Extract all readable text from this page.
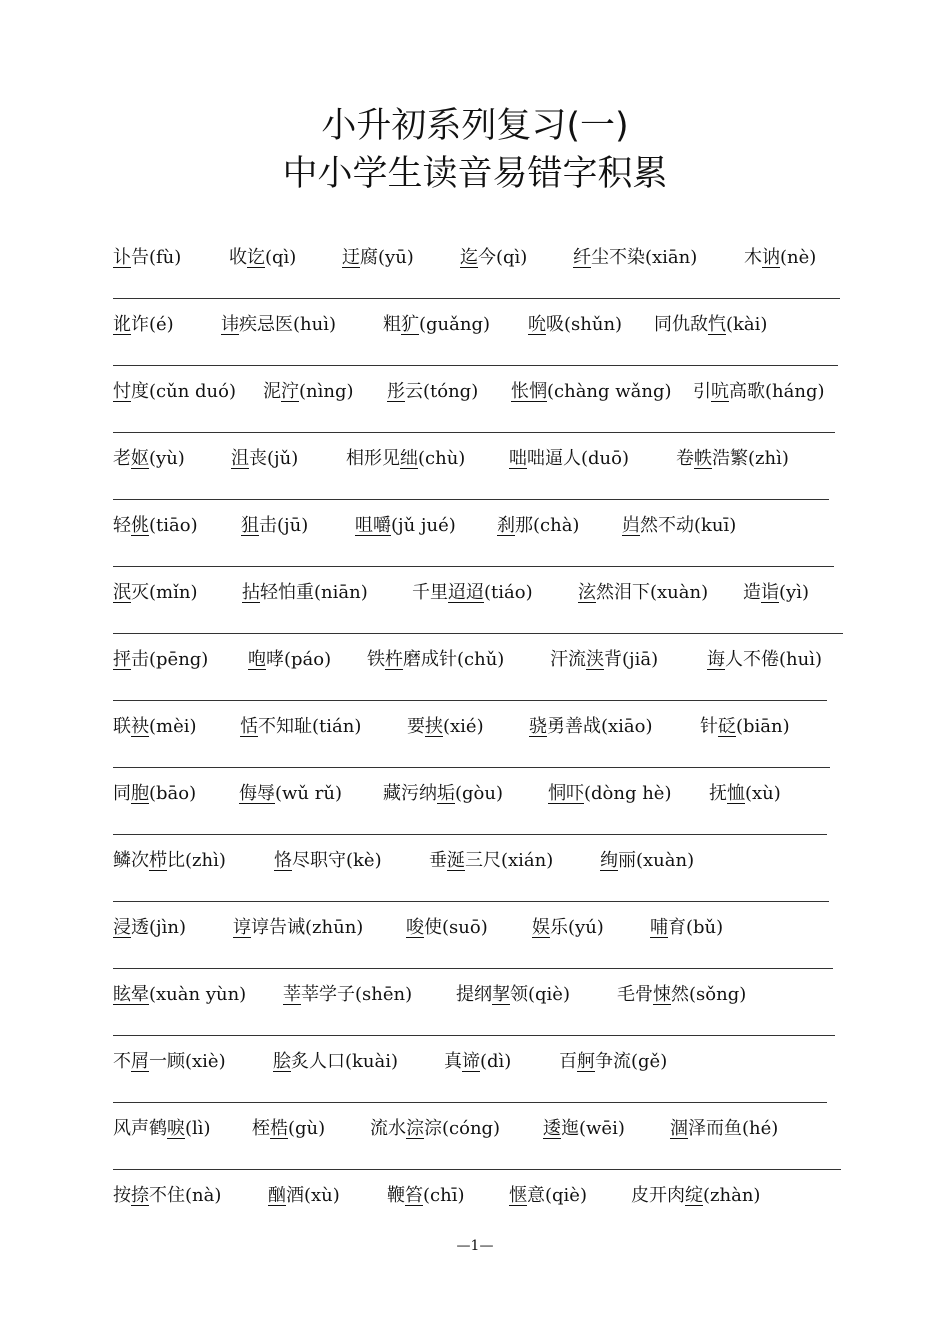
小升初系列复习(一)
中小学生读音易错字积累
讣告(fù)	收讫(qì)	迂腐(yū)	迄今(qì)	纤尘不染(xiān)	木讷(nè)
讹诈(é)	讳疾忌医(huì)	粗犷(guǎng) 吮吸(shǔn) 同仇敌忾(kài)
忖度(cǔn duó) 泥泞(nìng) 彤云(tóng) 怅惘(chàng wǎng) 引吭高歌(háng)
老妪(yù)	沮丧(jǔ)	相形见绌(chù) 咄咄逼人(duō)	卷帙浩繁(zhì)
轻佻(tiāo) 狙击(jū)	咀嚼(jǔ jué) 刹那(chà) 岿然不动(kuī)
泯灭(mǐn) 拈轻怕重(niān) 千里迢迢(tiáo)	泫然泪下(xuàn) 造诣(yì)
抨击(pēng) 咆哮(páo) 铁杵磨成针(chǔ)	汗流浃背(jiā)	诲人不倦(huì)
联袂(mèi) 恬不知耻(tián)	要挟(xié)	骁勇善战(xiāo)	针砭(biān)
同胞(bāo) 侮辱(wǔ rǔ) 藏污纳垢(gòu)	恫吓(dòng hè) 抚恤(xù)
鳞次栉比(zhì)	恪尽职守(kè)	垂涎三尺(xián)	绚丽(xuàn)
浸透(jìn)	谆谆告诫(zhūn) 唆使(suō) 娱乐(yú)	哺育(bǔ)
眩晕(xuàn yùn) 莘莘学子(shēn) 提纲挈领(qiè)	毛骨悚然(sǒng)
不屑一顾(xiè)	脍炙人口(kuài)	真谛(dì)	百舸争流(gě)
风声鹤唳(lì) 桎梏(gù) 流水淙淙(cóng) 逶迤(wēi)	涸泽而鱼(hé)
按捺不住(nà)	酗酒(xù)	鞭笞(chī) 惬意(qiè) 皮开肉绽(zhàn)
—1—
